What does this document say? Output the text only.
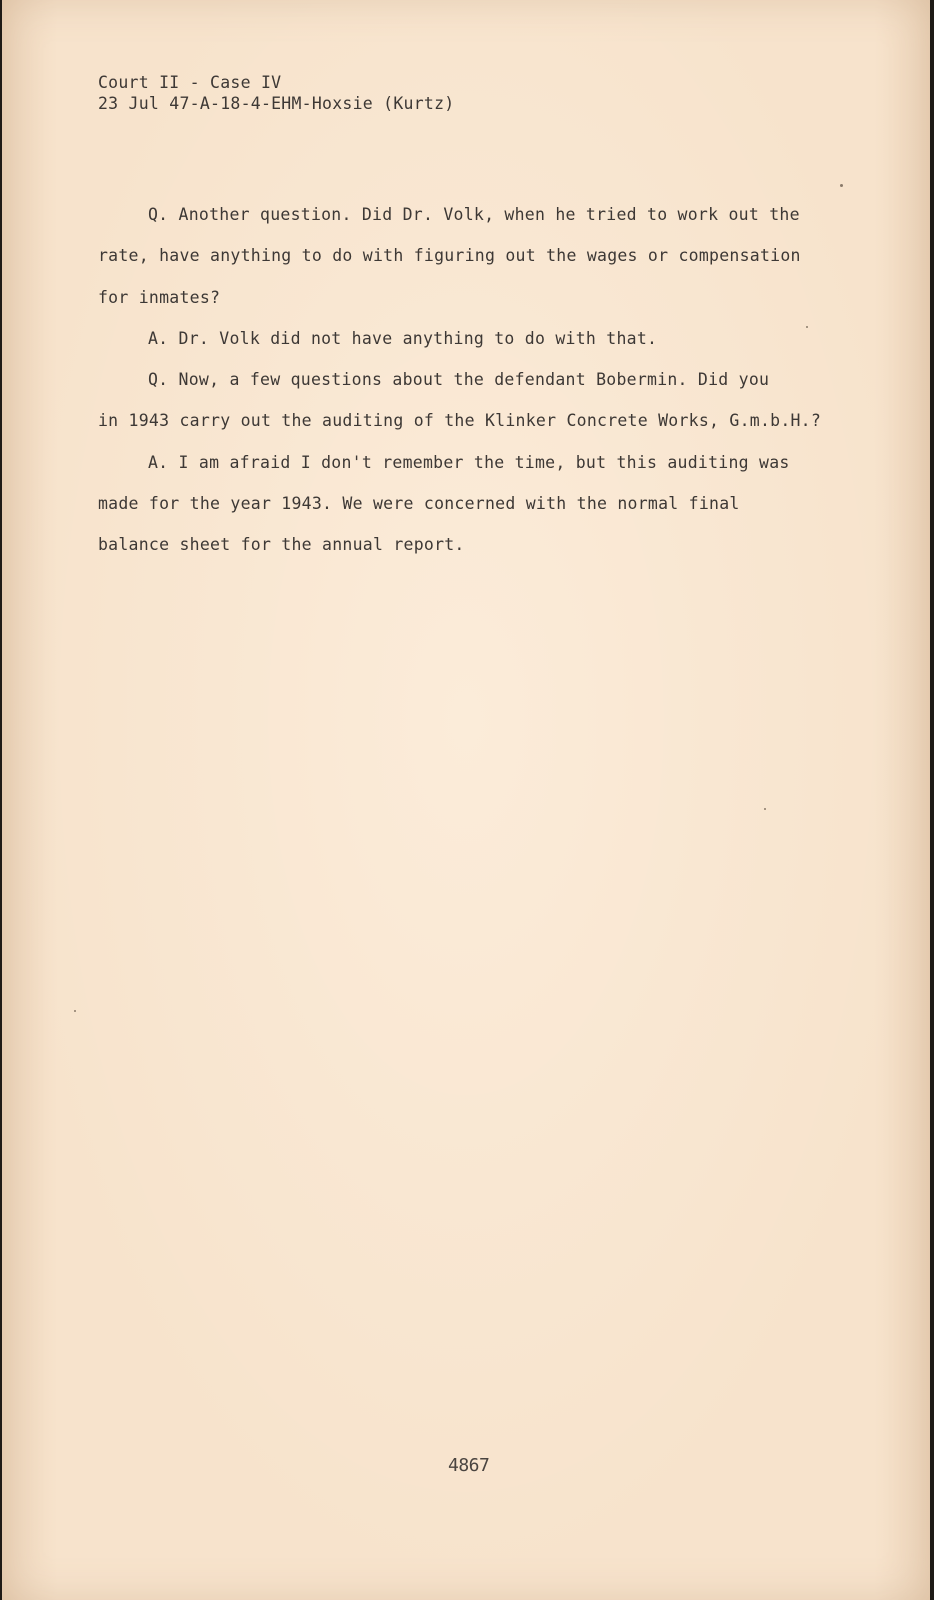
Court II - Case IV

23 Jul 47-A-18-4-EHM-Hoxsie (Kurtz)

Q. Another question. Did Dr. Volk, when he tried to work out the

rate, have anything to do with figuring out the wages or compensation

for inmates?

A. Dr. Volk did not have anything to do with that.

Q. Now, a few questions about the defendant Bobermin. Did you

in 1943 carry out the auditing of the Klinker Concrete Works, G.m.b.H.?

A. I am afraid I don't remember the time, but this auditing was

made for the year 1943. We were concerned with the normal final

balance sheet for the annual report.

4867
